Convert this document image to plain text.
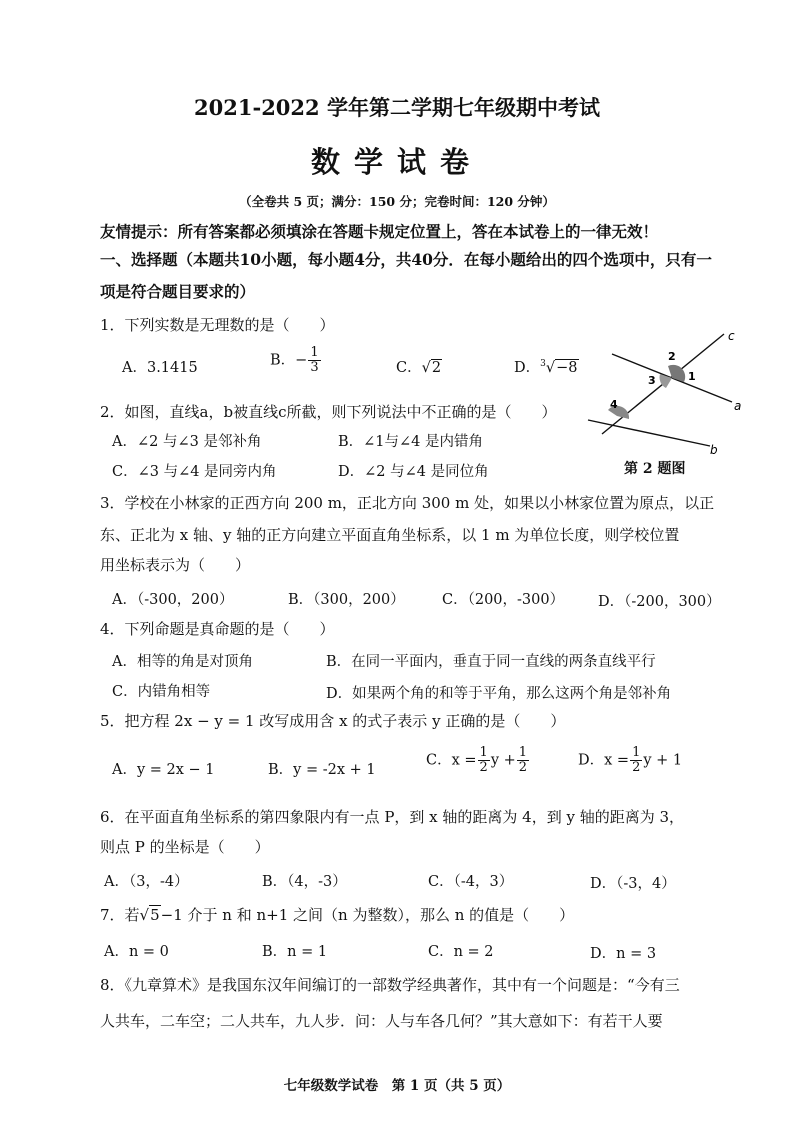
2021-2022 学年第二学期七年级期中考试
数学试卷
（全卷共 5 页；满分：150 分；完卷时间：120 分钟）
友情提示：所有答案都必须填涂在答题卡规定位置上，答在本试卷上的一律无效！
一、选择题（本题共10小题，每小题4分，共40分．在每小题给出的四个选项中，只有一
项是符合题目要求的）
1．下列实数是无理数的是（　　）
A．3.1415	B．− $\frac{1}{3}$	C．√2	D．$^3$√−8
c
a
b
1
2
3
4
第 2 题图
2．如图，直线a，b被直线c所截，则下列说法中不正确的是（　　）
A．∠2 与∠3 是邻补角	B．∠1与∠4 是内错角
C．∠3 与∠4 是同旁内角	D．∠2 与∠4 是同位角
3．学校在小林家的正西方向 200 m，正北方向 300 m 处，如果以小林家位置为原点，以正
东、正北为 x 轴、y 轴的正方向建立平面直角坐标系，以 1 m 为单位长度，则学校位置
用坐标表示为（　　）
A．（-300，200）	B．（300，200）	C．（200，-300） D．（-200，300）
4．下列命题是真命题的是（　　）
A．相等的角是对顶角	B．在同一平面内，垂直于同一直线的两条直线平行
C．内错角相等	D．如果两个角的和等于平角，那么这两个角是邻补角
5．把方程 2x − y = 1 改写成用含 x 的式子表示 y 正确的是（　　）
A．y = 2x − 1	B．y = -2x + 1
C．$x = \frac{1}{2}$ $y + \frac{1}{2}$	D．$x = \frac{1}{2}$ y + 1
6．在平面直角坐标系的第四象限内有一点 P，到 x 轴的距离为 4，到 y 轴的距离为 3，
则点 P 的坐标是（　　）
A．（3，-4）	B．（4，-3）	C．（-4，3）	D．（-3，4）
7．若√5−1 介于 n 和 n+1 之间（n 为整数），那么 n 的值是（　　）
A．n = 0	B．n = 1	C．n = 2	D．n = 3
8．《九章算术》是我国东汉年间编订的一部数学经典著作，其中有一个问题是：“今有三
人共车，二车空；二人共车，九人步．问：人与车各几何？”其大意如下：有若干人要
七年级数学试卷　第 1 页（共 5 页）
